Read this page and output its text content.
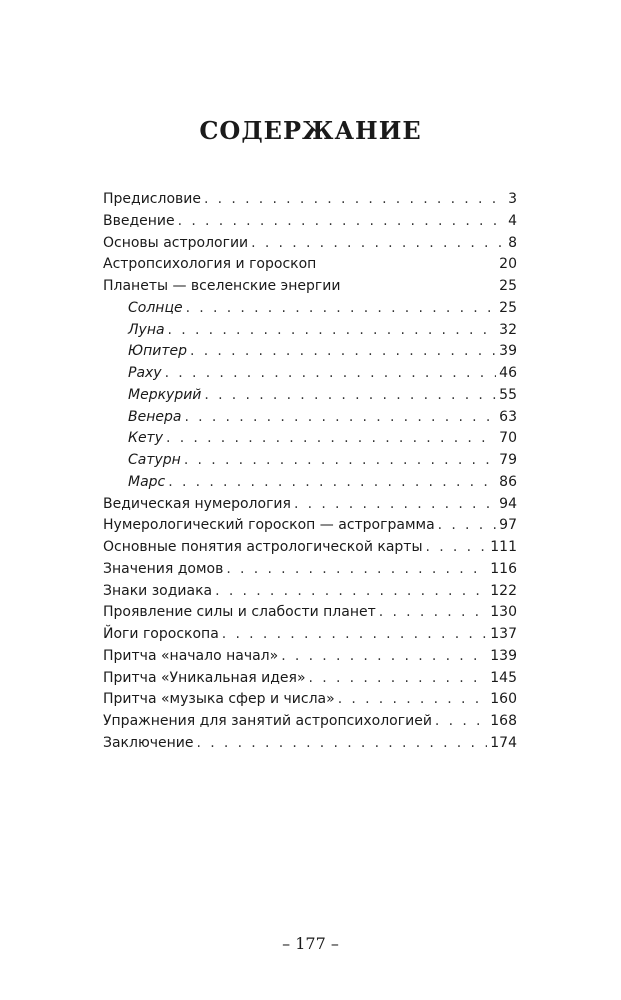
СОДЕРЖАНИЕ
Предисловие . . .	3
Введение . . .	4
Основы астрологии . . .	8
Астропсихология и гороскоп	20
Планеты — вселенские энергии	25
Солнце . . .	25
Луна . . .	32
Юпитер . . .	39
Раху . . .	46
Меркурий . . .	55
Венера . . .	63
Кету . . .	70
Сатурн . . .	79
Марс . . .	86
Ведическая нумерология . . .	94
Нумерологический гороскоп — астрограмма . . .	97
Основные понятия астрологической карты . . .	111
Значения домов . . .	116
Знаки зодиака . . .	122
Проявление силы и слабости планет . . .	130
Йоги гороскопа . . .	137
Притча «начало начал» . . .	139
Притча «Уникальная идея» . . .	145
Притча «музыка сфер и числа» . . .	160
Упражнения для занятий астропсихологией . . .	168
Заключение . . .	174
– 177 –
